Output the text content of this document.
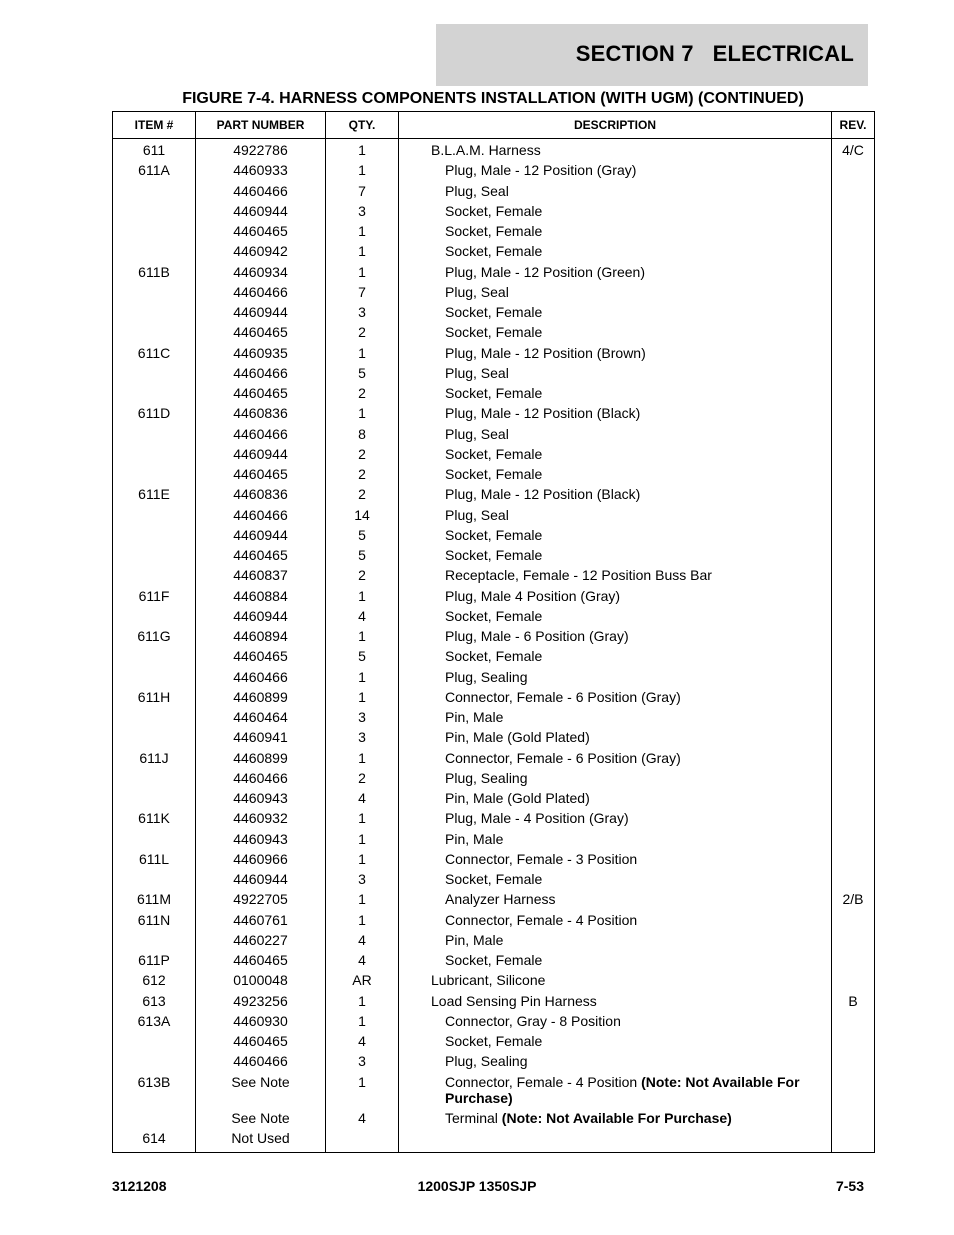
SECTION 7   ELECTRICAL
FIGURE 7-4. HARNESS COMPONENTS INSTALLATION (WITH UGM) (CONTINUED)
ITEM #	PART NUMBER	QTY.	DESCRIPTION	REV.
611	4922786	1	B.L.A.M. Harness	4/C
611A	4460933	1	Plug, Male - 12 Position (Gray)	
	4460466	7	Plug, Seal	
	4460944	3	Socket, Female	
	4460465	1	Socket, Female	
	4460942	1	Socket, Female	
611B	4460934	1	Plug, Male - 12 Position (Green)	
	4460466	7	Plug, Seal	
	4460944	3	Socket, Female	
	4460465	2	Socket, Female	
611C	4460935	1	Plug, Male - 12 Position (Brown)	
	4460466	5	Plug, Seal	
	4460465	2	Socket, Female	
611D	4460836	1	Plug, Male - 12 Position (Black)	
	4460466	8	Plug, Seal	
	4460944	2	Socket, Female	
	4460465	2	Socket, Female	
611E	4460836	2	Plug, Male - 12 Position (Black)	
	4460466	14	Plug, Seal	
	4460944	5	Socket, Female	
	4460465	5	Socket, Female	
	4460837	2	Receptacle, Female - 12 Position Buss Bar	
611F	4460884	1	Plug, Male 4 Position (Gray)	
	4460944	4	Socket, Female	
611G	4460894	1	Plug, Male - 6 Position (Gray)	
	4460465	5	Socket, Female	
	4460466	1	Plug, Sealing	
611H	4460899	1	Connector, Female - 6 Position (Gray)	
	4460464	3	Pin, Male	
	4460941	3	Pin, Male (Gold Plated)	
611J	4460899	1	Connector, Female - 6 Position (Gray)	
	4460466	2	Plug, Sealing	
	4460943	4	Pin, Male (Gold Plated)	
611K	4460932	1	Plug, Male - 4 Position (Gray)	
	4460943	1	Pin, Male	
611L	4460966	1	Connector, Female - 3 Position	
	4460944	3	Socket, Female	
611M	4922705	1	Analyzer Harness	2/B
611N	4460761	1	Connector, Female - 4 Position	
	4460227	4	Pin, Male	
611P	4460465	4	Socket, Female	
612	0100048	AR	Lubricant, Silicone	
613	4923256	1	Load Sensing Pin Harness	B
613A	4460930	1	Connector, Gray - 8 Position	
	4460465	4	Socket, Female	
	4460466	3	Plug, Sealing	
613B	See Note	1	Connector, Female - 4 Position (Note: Not Available For Purchase)	
	See Note	4	Terminal (Note: Not Available For Purchase)	
614	Not Used			
3121208	1200SJP 1350SJP	7-53
